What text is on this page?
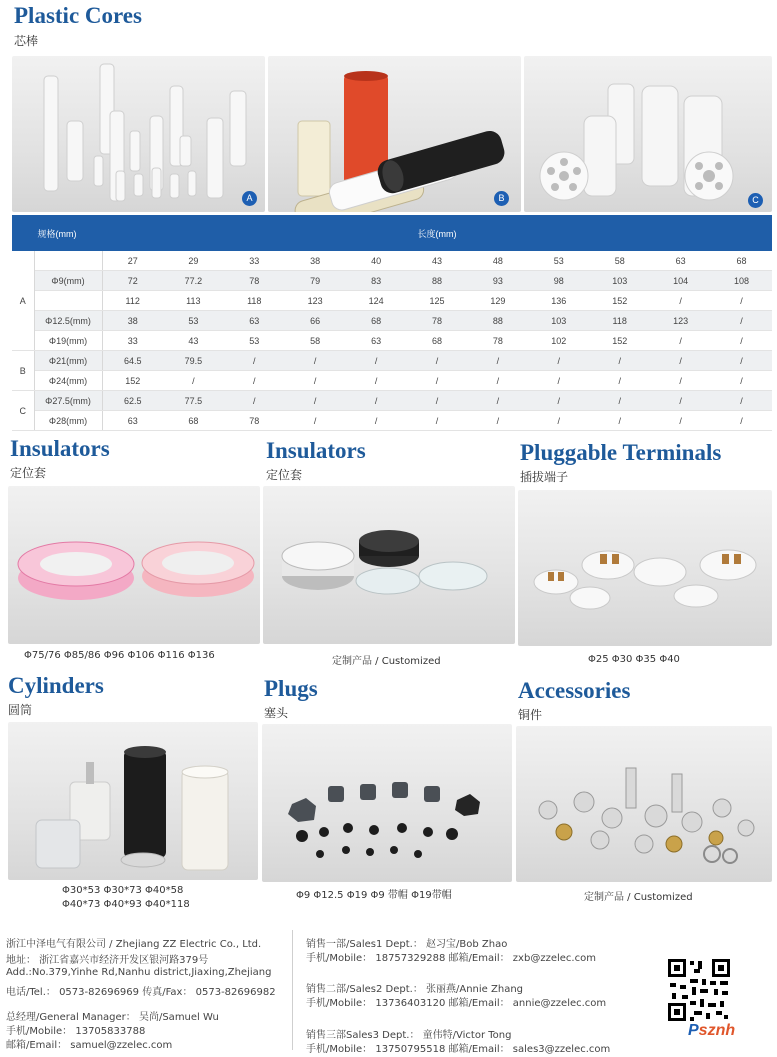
Plastic Cores
芯棒
A	B	C
规格(mm)		长度(mm)										
A		27	29	33	38	40	43	48	53	58	63	68
	Φ9(mm)	72	77.2	78	79	83	88	93	98	103	104	108
		112	113	118	123	124	125	129	136	152	/	/
	Φ12.5(mm)	38	53	63	66	68	78	88	103	118	123	/
	Φ19(mm)	33	43	53	58	63	68	78	102	152	/	/
B	Φ21(mm)	64.5	79.5	/	/	/	/	/	/	/	/	/
	Φ24(mm)	152	/	/	/	/	/	/	/	/	/	/
C	Φ27.5(mm)	62.5	77.5	/	/	/	/	/	/	/	/	/
	Φ28(mm)	63	68	78	/	/	/	/	/	/	/	/
Insulators
定位套
Φ75/76 Φ85/86 Φ96 Φ106 Φ116 Φ136
Insulators
定位套
定制产品 / Customized
Pluggable Terminals
插拔端子
Φ25 Φ30 Φ35 Φ40
Cylinders
圆筒
Φ30*53 Φ30*73 Φ40*58
Φ40*73 Φ40*93 Φ40*118
Plugs
塞头
Φ9 Φ12.5 Φ19 Φ9 带帽 Φ19带帽
Accessories
铜件
定制产品 / Customized
浙江中泽电气有限公司 / Zhejiang ZZ Electric Co., Ltd.
地址： 浙江省嘉兴市经济开发区银河路379号
Add.:No.379,Yinhe Rd,Nanhu district,Jiaxing,Zhejiang
电话/Tel.： 0573-82696969 传真/Fax： 0573-82696982
总经理/General Manager： 吴尚/Samuel Wu
手机/Mobile： 13705833788
邮箱/Email： samuel@zzelec.com
销售一部/Sales1 Dept.： 赵习宝/Bob Zhao
手机/Mobile： 18757329288 邮箱/Email： zxb@zzelec.com
销售二部/Sales2 Dept.： 张丽燕/Annie Zhang
手机/Mobile： 13736403120 邮箱/Email： annie@zzelec.com
销售三部Sales3 Dept.： 童伟特/Victor Tong
手机/Mobile： 13750795518 邮箱/Email： sales3@zzelec.com
Psznh
